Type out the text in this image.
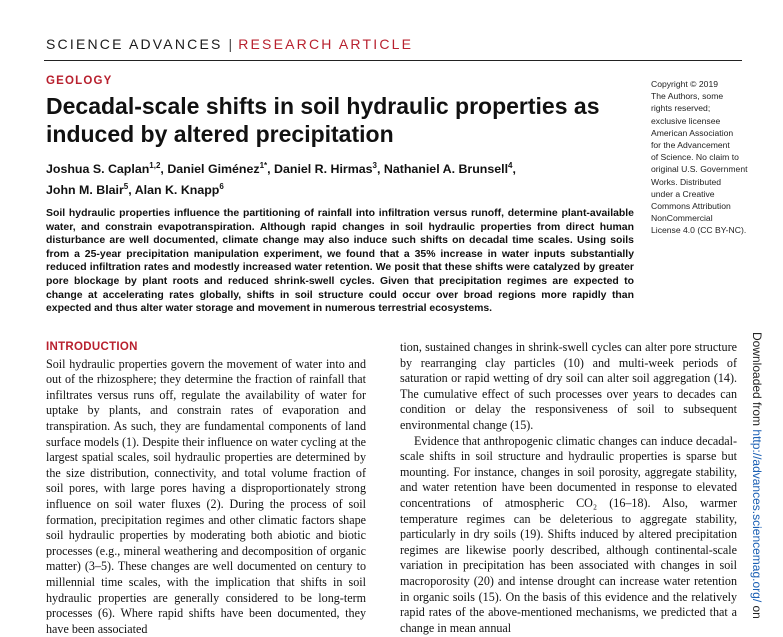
SCIENCE ADVANCES | RESEARCH ARTICLE
GEOLOGY
Decadal-scale shifts in soil hydraulic properties as induced by altered precipitation
Joshua S. Caplan$^{1,2}$, Daniel Giménez$^{1*}$, Daniel R. Hirmas$^3$, Nathaniel A. Brunsell$^4$,
John M. Blair$^5$, Alan K. Knapp$^6$
Copyright © 2019
The Authors, some
rights reserved;
exclusive licensee
American Association
for the Advancement
of Science. No claim to
original U.S. Government
Works. Distributed
under a Creative
Commons Attribution
NonCommercial
License 4.0 (CC BY-NC).

Soil hydraulic properties influence the partitioning of rainfall into infiltration versus runoff, determine plant-available water, and constrain evapotranspiration. Although rapid changes in soil hydraulic properties from direct human disturbance are well documented, climate change may also induce such shifts on decadal time scales. Using soils from a 25-year precipitation manipulation experiment, we found that a 35% increase in water inputs substantially reduced infiltration rates and modestly increased water retention. We posit that these shifts were catalyzed by greater pore blockage by plant roots and reduced shrink-swell cycles. Given that precipitation regimes are expected to change at accelerating rates globally, shifts in soil structure could occur over broad regions more rapidly than expected and thus alter water storage and movement in numerous terrestrial ecosystems.

INTRODUCTION

Soil hydraulic properties govern the movement of water into and out of the rhizosphere; they determine the fraction of rainfall that infiltrates versus runs off, regulate the availability of water for uptake by plants, and constrain rates of evaporation and transpiration. As such, they are fundamental components of land surface models (1). Despite their influence on water cycling at the largest spatial scales, soil hydraulic properties are determined by the size distribution, connectivity, and total volume fraction of soil pores, with large pores having a disproportionately strong influence on soil water fluxes (2). During the process of soil formation, precipitation regimes and other climatic factors shape soil hydraulic properties by moderating both abiotic and biotic processes (e.g., mineral weathering and decomposition of organic matter) (3–5). These changes are well documented on century to millennial time scales, with the implication that shifts in soil hydraulic properties are generally considered to be long-term processes (6). Where rapid shifts have been documented, they have been associated

tion, sustained changes in shrink-swell cycles can alter pore structure by rearranging clay particles (10) and multi-week periods of saturation or rapid wetting of dry soil can alter soil aggregation (14). The cumulative effect of such processes over years to decades can condition or delay the responsiveness of soil to subsequent environmental change (15).

Evidence that anthropogenic climatic changes can induce decadal-scale shifts in soil structure and hydraulic properties is sparse but mounting. For instance, changes in soil porosity, aggregate stability, and water retention have been documented in response to elevated concentrations of atmospheric CO₂ (16–18). Also, warmer temperature regimes can be deleterious to aggregate stability, particularly in dry soils (19). Shifts induced by altered precipitation regimes are likewise poorly described, although continental-scale variation in precipitation has been associated with changes in soil macroporosity (20) and intense drought can increase water retention in organic soils (15). On the basis of this evidence and the relatively rapid rates of the above-mentioned mechanisms, we predicted that a change in mean annual

Downloaded from http://advances.sciencemag.org/ on
